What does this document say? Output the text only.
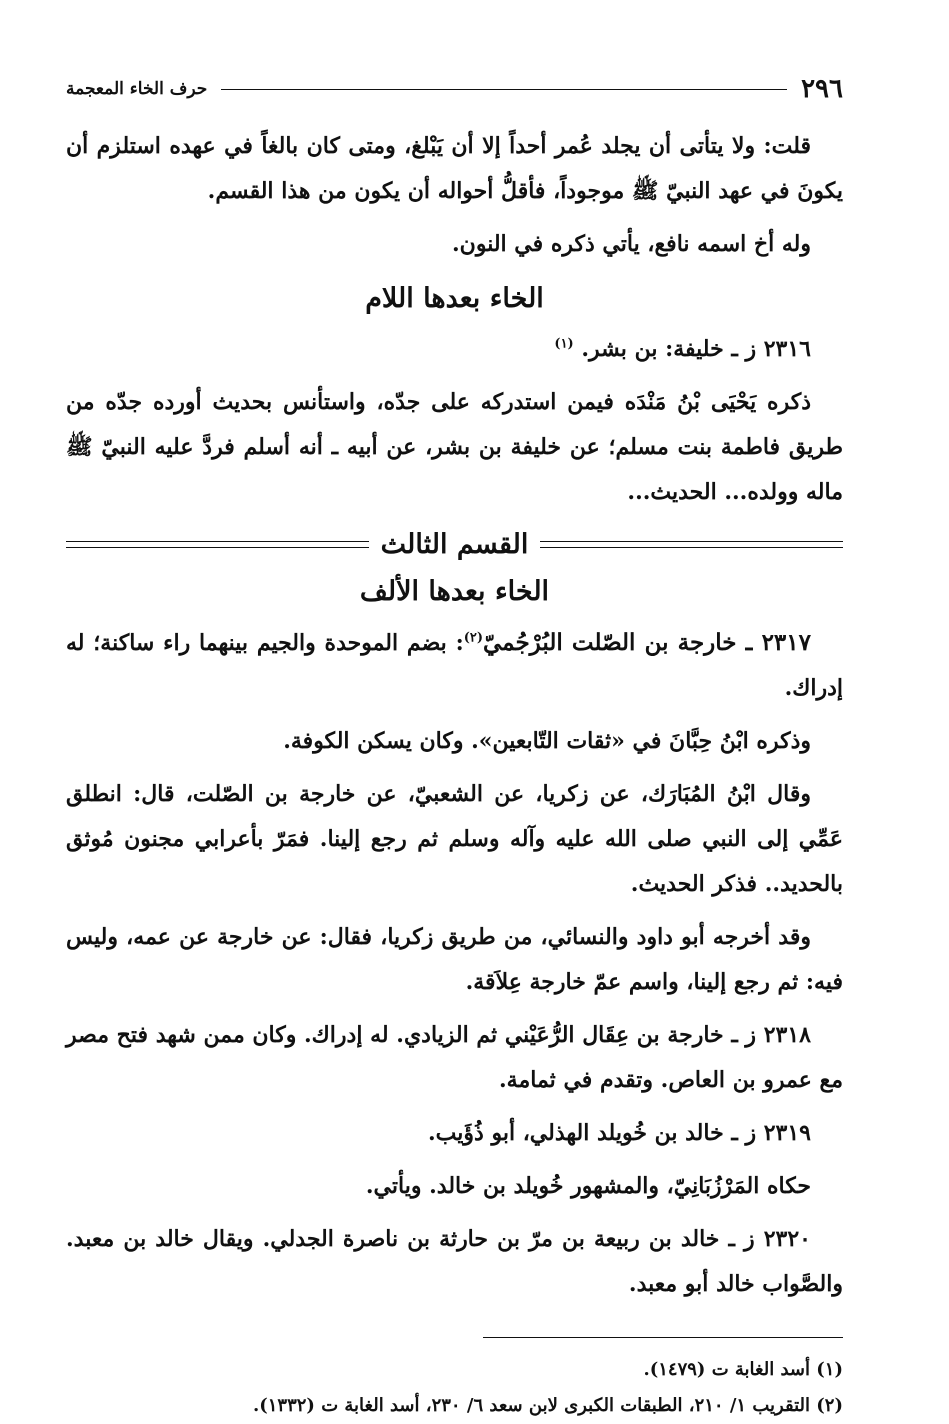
٢٩٦
حرف الخاء المعجمة

قلت: ولا يتأتى أن يجلد عُمر أحداً إلا أن يَبْلغ، ومتى كان بالغاً في عهده استلزم أن يكونَ في عهد النبيّ ﷺ موجوداً، فأقلُّ أحواله أن يكون من هذا القسم.

وله أخ اسمه نافع، يأتي ذكره في النون.

الخاء بعدها اللام

٢٣١٦ ز ـ خليفة: بن بشر. $^{(١)}$

ذكره يَحْيَى بْنُ مَنْدَه فيمن استدركه على جدّه، واستأنس بحديث أورده جدّه من طريق فاطمة بنت مسلم؛ عن خليفة بن بشر، عن أبيه ـ أنه أسلم فردَّ عليه النبيّ ﷺ ماله وولده... الحديث...

القسم الثالث
الخاء بعدها الألف

٢٣١٧ ـ خارجة بن الصّلت البُرْجُميّ$^{(٢)}$: بضم الموحدة والجيم بينهما راء ساكنة؛ له إدراك.

وذكره ابْنُ حِبَّانَ في «ثقات التّابعين». وكان يسكن الكوفة.

وقال ابْنُ المُبَارَك، عن زكريا، عن الشعبيّ، عن خارجة بن الصّلت، قال: انطلق عَمِّي إلى النبي صلى الله عليه وآله وسلم ثم رجع إلينا. فمَرّ بأعرابي مجنون مُوثق بالحديد.. فذكر الحديث.

وقد أخرجه أبو داود والنسائي، من طريق زكريا، فقال: عن خارجة عن عمه، وليس فيه: ثم رجع إلينا، واسم عمّ خارجة عِلاَقة.

٢٣١٨ ز ـ خارجة بن عِقَال الرُّعَيْني ثم الزيادي. له إدراك. وكان ممن شهد فتح مصر مع عمرو بن العاص. وتقدم في ثمامة.

٢٣١٩ ز ـ خالد بن خُويلد الهذلي، أبو ذُؤَيب.

حكاه المَرْزُبَانِيّ، والمشهور خُويلد بن خالد. ويأتي.

٢٣٢٠ ز ـ خالد بن ربيعة بن مرّ بن حارثة بن ناصرة الجدلي. ويقال خالد بن معبد. والصَّواب خالد أبو معبد.

(١) أسد الغابة ت (١٤٧٩).

(٢) التقريب ١/ ٢١٠، الطبقات الكبرى لابن سعد ٦/ ٢٣٠، أسد الغابة ت (١٣٣٢).
